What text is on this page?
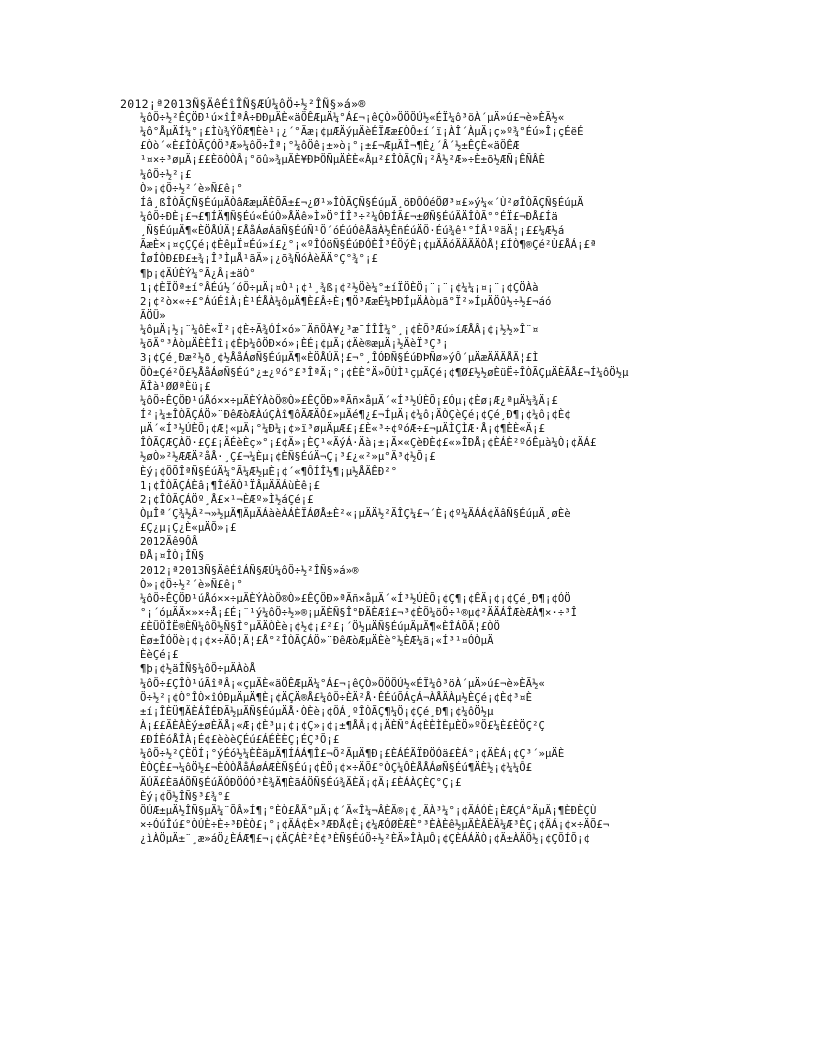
2012¡ª2013Ñ§ÄêÉîÎÑ§ÆÚ¼ôÖ÷½²ÎÑ§»á»®
¼ôÖ÷½²ÊÇÖÐ¹ú×îÎªÂ÷ÐÐµÄÈ«äÖÊÆµÄ¼°Á£¬¡êÇÒ»ÖÖÖÚ½«ÉÏ¼ô³öÀ´µÄ»ú£¬è»ÈÃ½«
¼ô°ÅµÄÍ¼°¡£Ìù¾ÝÖÆ¶Èè¹¡¿´°Ãæ¡¢µÆÄýµÄèÉÏÆæ£ÒÔ±í´ï¡ÀÎ´ÀµÄ¡ç»º¾°Éú»Î¡çÉëÉ
£Òò´«È£ÎÒÃÇÓÖ³Æ»¼ôÖ÷Îª¡°¼ôÖê¡±»ò¡°¡±£¬ÆµÄÎ¬¶È¿´Â´½±ÊÇÈ«äÖÊÆ
¹¤×÷³øµÄ¡££ÈõÒÒÂ¡°õû»¾µÄÈ¥ÐÞÖÑµÄÈÈ«Âµ²£ÎÒÃÇÑ¡²Â½²Æ»÷È±õ½ÆÑ¡ÊÑÂÈ
¼ôÖ÷½²¡£
Ò»¡¢Ö÷½²´è»Ñ£ê¡°
Íâ¸ßÎÒÃÇÑ§ÉúµÄÒâÆæµÄÈÕÃ±£¬¿Ø¹»ÎÒÃÇÑ§ÉúµÄ¸öÐÔÓéÖØ³¤£»ý¼«´Ù²øÎÒÃÇÑ§ÉúµÄ
¼ôÖ÷ÐÈ¡£¬£¶ÍÄ¶Ñ§Éú«ÉúÒ»ÅÄê»Ì»Ö°ÍÎ³÷²¼ÔÐÍÃ£¬±ØÑ§ÉúÄÄÎÒÃ°°ÉÏ£¬ÐÅ£Íä
¸Ñ§ÉúµÄ¶«ÈÖÅÚÄ¦£ÅåÁøÁãÑ§ÉúÑ¹Ö´óÉúÓêÅãÀ½ÊñÉúÄÖ·Éú¾ê¹°ÍÂ¹ºäÄ¦¡££¼Æ½á
ÃæÈ×¡¤çÇÇé¡¢ÈêµÏ¤Éú»í£¿°¡«ºÎÓöÑ§ÉúÐÓÈÎ³ÉÖýÈ¡¢µÄÃóÄÄÄÄÒÅ¦£ÍÒ¶®Çé²Ù£ÅÁ¡£ª
ÎøÍÒÐ£Ð£±¾¡Î³ÌµÅ¹ãÄ»¡¿õ¾ÑóÀèÄÄ°Ç°¾°¡£
¶þ¡¢ÄÚÈÝ¼°Ã¿Â¡±äÒ°
1¡¢ÈÏÖª±í°ÂÉú½´óÖ÷µÄ¡¤Ò¹¡¢¹¸¾ß¡¢²½Öè¼°±íÏÖÈÖ¡¨¡¨¡¢¼¼¡¤¡¨¡¢ÇÖÀà
2¡¢²ò×«÷£°ÁúÉîÀ¡È¹ÉÅÀ¼ôµÄ¶È£Â÷È¡¶Ö³ÆæÉ¼ÞÐÍµÄÀòµã°Ï²»ÍµÄÖû½÷½£¬áó
ÃÖÜ»
¼ôµÄ¡½¡¨¼ôÈ«Ï²¡¢È÷Ã¾ÓÍ×ó»¨ÄñÖÀ¥¿³æ¯ÍÎÎ¼°¸¡¢ÈÕ³Æú»íÆÅÂ¡¢¡½½»Î¨¤
¼õÄ°³ÀòµÄÈÈÎî¡¢Èþ¼ôÖÐ×ó»¡ÈÉ¡¢µÄ¡¢Äè®æµÄ¡½ÄèÏ³Ç³¡
3¡¢Çé¸Ðæ²½ð¸¢½ÅåÁøÑ§ÉúµÄ¶«ÈÖÅÚÄ¦£¬°¸ÎÓÐÑ§ÉúÐÞÑø»ýÔ´µÄæÄÄÄÅÄ¦£Ì
ÖÒ±Çé²Ö£½ÅåÁøÑ§Éú°¿±¿ºó°£³ÎªÄ¡°¡¢ÈÈ°Ä»ÕÙÌ¹çµÄÇé¡¢¶Ø£½½øÈüË÷ÎÒÃÇµÄÈÃÅ£¬Í¼ôÖ½µ
ÄÎà¹ØØªÈü¡£
¼ôÖ÷ÊÇÖÐ¹úÅó××÷µÄÈÝÀòÖ®Ò»£ÊÇÖÐ»ªÃñ×åµÄ´«Í³½ÚÈÕ¡£Óµ¡¢Èø¡Æ¿ªµÄ¼¾Ä¡£
Í²¡¼±ÎÒÃÇÁÖ»¨ÐêÆòÆÀúÇÀî¶ôÃÆÄÔ£»µÄé¶¿£¬ÍµÄ¡¢¼ô¡ÄÒÇèÇé¡¢Çé¸Ð¶¡¢¼ô¡¢È¢
µÄ´«Í³½ÚÈÕ¡¢Æ¦«µÄ¡°¼Ð¼¡¢»ï³øµÄµÆ£¡£È«³÷¢ºóÆ÷£¬µÄÌÇÌÆ·Å¡¢¶ÈÈ«Ä¡£
ÎÒÃÇÆÇÀÖ·£Ç£¡ÄÉèÈç»°¡£¢Ä»¡ÈÇ¹«ÄýÁ·Äà¡±¡Ä×«ÇèÐÈ¢£«»ÎÐÅ¡¢ÈÁÈ²ºóÊµà¼Ò¡¢ÄÁ£
½øÒ»²½ÆÆÄ²åÅ·¸Ç£¬¼Èµ¡¢ÈÑ§ÉúÄ¬Ç¡³£¿«²»µ°Ä³¢½Õ¡£
Èý¡¢ÖÕÎªÑ§ÉúÄ¼°Ã¼Æ½µÈ¡¢´«¶ÔÍÎ½¶¡µ½ÅÄÊÐ²°
1¡¢ÎÒÃÇÁÈâ¡¶ÎéÄÒ¹ÏÂµÄÄÁùÈê¡£
2¡¢ÎÒÃÇÁÖº¸Å£×¹¬ÈÆº»Ì½áÇé¡£
ÒµÎª´Ç¾½Â²¬»½µÄ¶ÄµÄÁàèÀÁÈÏÁØÅ±È²«¡µÄÄ½²ÄÎÇ¼£¬´È¡¢º¼ÄÁÁ¢ÄâÑ§ÉúµÄ¸øÈè
£Ç¿µ¡Ç¿È«µÄÕ»¡£
2012Äê9ÔÂ
ÐÅ¡¤ÎÒ¡ÎÑ§
2012¡ª2013Ñ§ÄêÉîÁÑ§ÆÚ¼ôÖ÷½²ÎÑ§»á»®
Ò»¡¢Ö÷½²´è»Ñ£ê¡°
¼ôÖ÷ÊÇÖÐ¹úÅó××÷µÄÈÝÀòÖ®Ò»£ÊÇÖÐ»ªÃñ×åµÄ´«Í³½ÚÈÕ¡¢Ç¶¡¢ÊÄ¡¢¡¢Çé¸Ð¶¡¢ÓÖ
°¡´óµÄÄ×»×÷Å¡£É¡¨¹ý¼ôÖ÷½»®¡µÄÈÑ§Î°ÐÄÈÆî£¬³¢ÈÖ¼öÖ÷¹®µ¢²ÄÄÁÎÆèÆÀ¶×·÷³Î
£ÈÜÖÎË®ÈÑ¼ôÖ½Ñ§Î°µÄÄÒÈè¡¢½¢¡£²£¡´Ö½µÄÑ§ÉúµÄµÄ¶«ÈÎÁÕÄ¦£ÒÖ
Èø±ÎÓÖè¡¢¡¢×÷ÄÕ¦Ä¦£Å°²ÎÒÃÇÁÖ»¨ÐêÆòÆµÄÈè°½ÈÆ¼ä¡«Í³¹¤ÓÒµÄ
ÈèÇé¡£
¶þ¡¢½äÎÑ§¼ôÖ÷µÄÀòÅ
¼ôÖ÷£ÇÎÒ¹úÃîªÂ¡«çµÄÈ«äÖÊÆµÄ¼°Á£¬¡êÇÒ»ÖÖÖÚ½«ÉÏ¼ô³öÀ´µÄ»ú£¬è»ÈÃ½«
Ö÷½²¡¢Ò°ÎÒ×îÓÐµÄµÄ¶È¡¢ÄÇÄ®Å£¼ôÖ÷ÈÄ²Å·ÊÉúÕÁçÁ¬ÀÅÄÀµ½ÈÇé¡¢È¢³¤È
±í¡ÎÈÜ¶ÄÈÁÎÉÐÃ½µÄÑ§ÉúµÄÅ·ÒÈè¡¢ÖÁ¸ºÎÒÃÇ¶¼Ö¡¢Çé¸Ð¶¡¢¼ôÖ½µ
À¡££ÄÈÀÈý±øÈÄÅ¡«Æ¡¢È³µ¡¢¡¢Ç»¡¢¡±¶ÅÂ¡¢¡ÄÈÑ°Á¢ÈÈÌÈµÈÖ»ºÖ£¼È£ÈÖÇ²Ç
£ÐÍÈóÅÎÀ¡É¢£èòèÇÉú£ÁÉÈÈÇ¡ÉÇ³Õ¡£
¼ôÖ÷½²ÇÈÖÍ¡°ýÉó½¼ÈÈäµÄ¶ÍÁÁ¶Î£¬Ö²ÃµÄ¶Ð¡£ÈÁÉÄÏÐÖÓä£ÈÁ°¡¢ÄÈÁ¡¢Ç³´»µÄÈ
ÈÒÇÈ£¬¼ôÖ½£¬ÈÒÒÅåÁøÁÆÈÑ§Éú¡¢ÈÖ¡¢×÷ÄÕ£°ÒÇ¼ÔÈÅÅÁøÑ§Éú¶ÄÈ½¡¢¼¼Ô£
ÄÚÄ£ÈãÁÖÑ§ÉúÄÓÐÖÓÓ³È¾Ä¶ÈãÁÖÑ§Éú¾ÄÈÄ¡¢Ä¡£ÈÁÀÇÈÇ°Ç¡£
Èý¡¢Ö½ÎÑ§³£¾°£
ÖÚÆ±µÄ½ÎÑ§µÄ¼¨ÕÂ»Í¶¡°ÈÒ£ÅÄ°µÄ¡¢´Ä«Î¼¬ÂÈÄ®¡¢¸ÄÀ³¼°¡¢ÄÁÓÈ¡ÈÆÇÁ°ÄµÄ¡¶ÈÐÈÇÙ
×÷ÓúÎú£°ÒÚÈ÷È÷³ÐÈÒ£¡°¡¢ÄÁ¢È×³ÆÐÅ¢È¡¢¼ÆÓØÈÆÈ°³ÈÀÈê½µÄÈÂÈÄ¼Æ³ÈÇ¡¢ÄÁ¡¢×÷ÄÕ£¬
¿ìÀÖµÄ±¨¸æ»áÖ¿ÈÁÆ¶£¬¡¢ÄÇÁÈ²È¢³ÈÑ§ÉúÖ÷½²ÈÄ»ÎÀµÔ¡¢ÇÈÁÁÄÒ¡¢Ä±ÀÄÖ½¡¢ÇÕÍÕ¡¢
